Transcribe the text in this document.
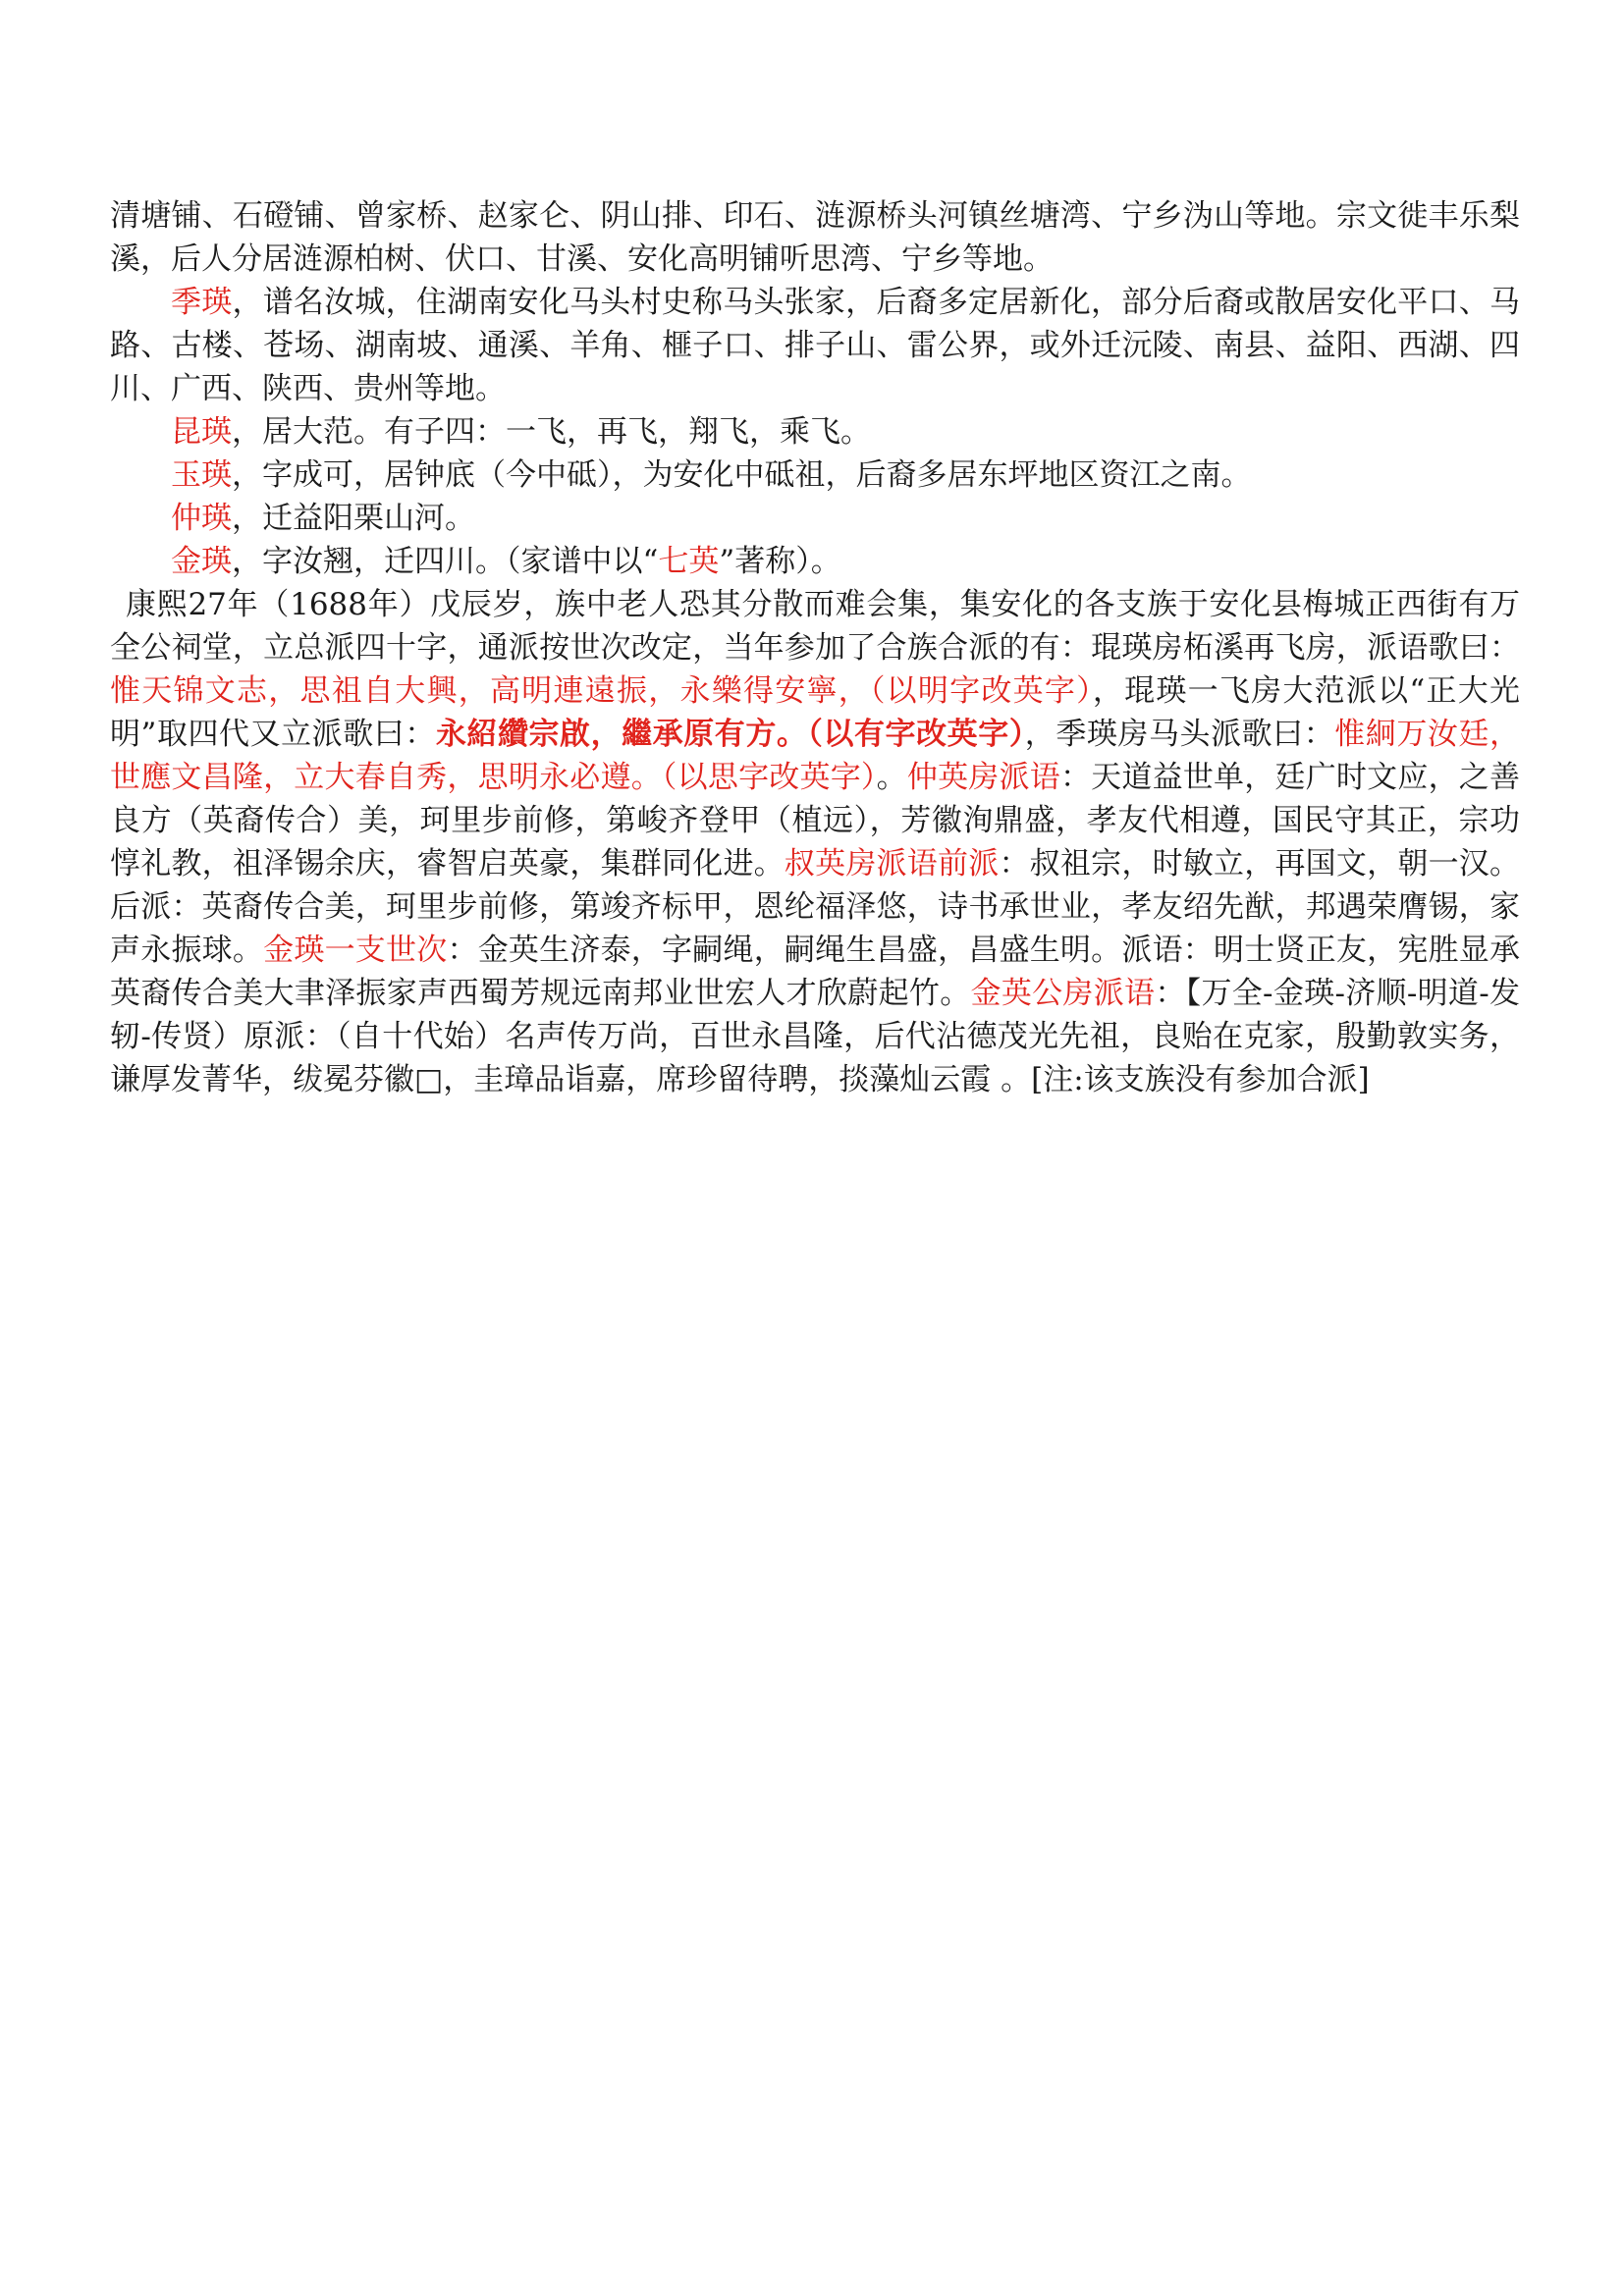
清塘铺、石磴铺、曾家桥、赵家仑、阴山排、印石、涟源桥头河镇丝塘湾、宁乡沩山等地。宗文徙丰乐梨溪，后人分居涟源柏树、伏口、甘溪、安化高明铺听思湾、宁乡等地。

季瑛，谱名汝城，住湖南安化马头村史称马头张家，后裔多定居新化，部分后裔或散居安化平口、马路、古楼、苍场、湖南坡、通溪、羊角、榧子口、排子山、雷公界，或外迁沅陵、南县、益阳、西湖、四川、广西、陕西、贵州等地。

昆瑛，居大范。有子四：一飞，再飞，翔飞，乘飞。

玉瑛，字成可，居钟底（今中砥），为安化中砥祖，后裔多居东坪地区资江之南。

仲瑛，迁益阳栗山河。

金瑛，字汝翘，迁四川。（家谱中以“七英”著称）。

康熙27年（1688年）戊辰岁，族中老人恐其分散而难会集，集安化的各支族于安化县梅城正西街有万全公祠堂，立总派四十字，通派按世次改定，当年参加了合族合派的有：琨瑛房柘溪再飞房，派语歌曰：惟天锦文志，思祖自大興，高明連遠振，永樂得安寧，（以明字改英字），琨瑛一飞房大范派以“正大光明”取四代又立派歌曰：永紹纘宗啟，繼承原有方。（以有字改英字），季瑛房马头派歌曰：惟絅万汝廷，世應文昌隆，立大春自秀，思明永必遵。（以思字改英字）。仲英房派语：天道益世单，廷广时文应，之善良方（英裔传合）美，珂里步前修，第峻齐登甲（植远），芳徽洵鼎盛，孝友代相遵，国民守其正，宗功惇礼教，祖泽锡余庆，睿智启英豪，集群同化进。叔英房派语前派：叔祖宗，时敏立，再国文，朝一汉。后派：英裔传合美，珂里步前修，第竣齐标甲，恩纶福泽悠，诗书承世业，孝友绍先猷，邦遇荣膺锡，家声永振球。金瑛一支世次：金英生济泰，字嗣绳，嗣绳生昌盛，昌盛生明。派语：明士贤正友，宪胜显承英裔传合美大聿泽振家声西蜀芳规远南邦业世宏人才欣蔚起竹。金英公房派语：【万全-金瑛-济顺-明道-发轫-传贤）原派：（自十代始）名声传万尚，百世永昌隆，后代沾德茂光先祖，良贻在克家，殷勤敦实务，谦厚发菁华，绂冕芬徽□，圭璋品诣嘉，席珍留待聘，掞藻灿云霞 。[注:该支族没有参加合派]
